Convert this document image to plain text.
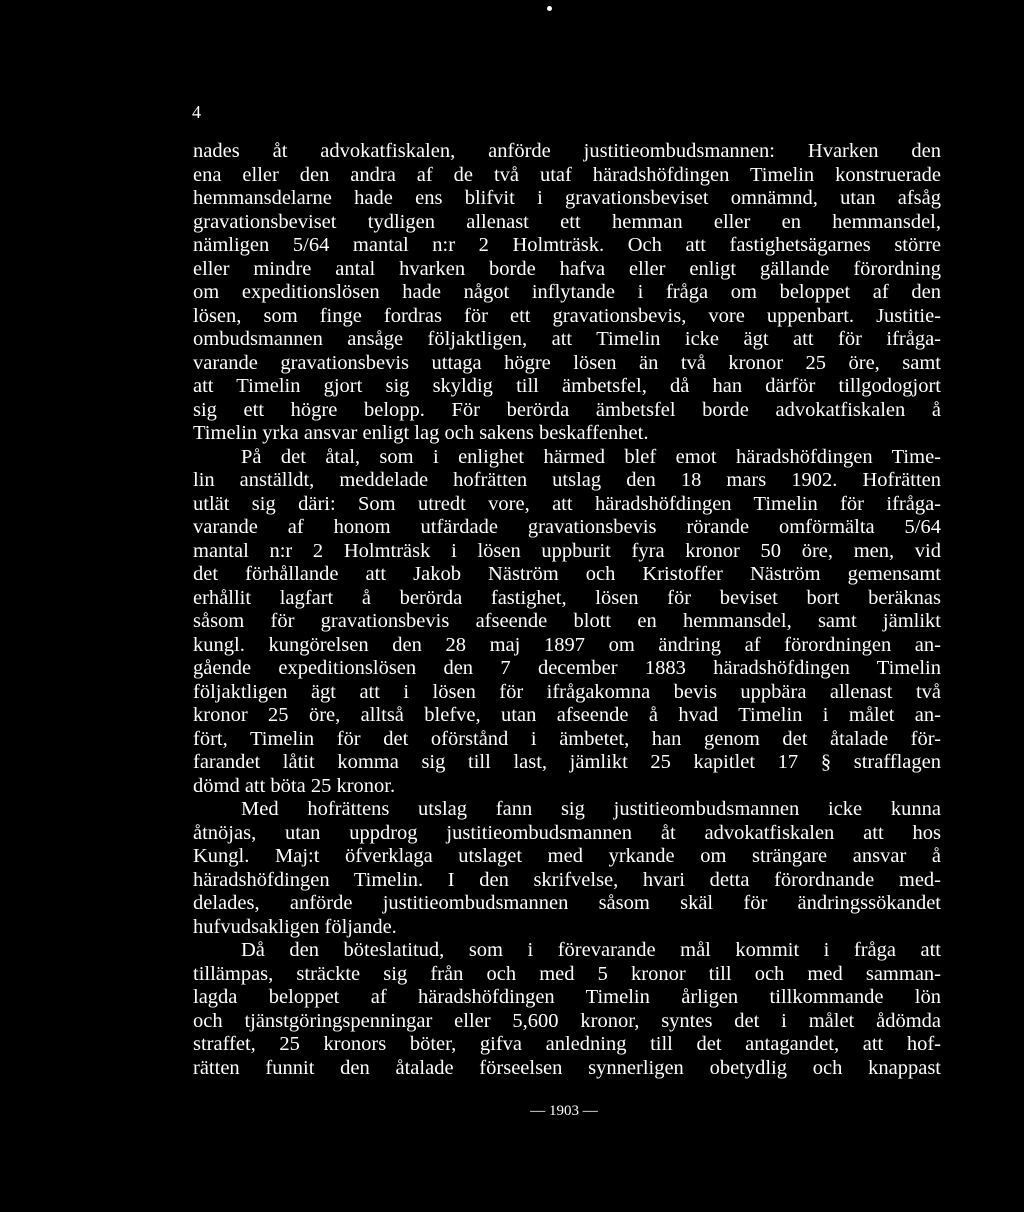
4
nades åt advokatfiskalen, anförde justitieombudsmannen: Hvarken den
ena eller den andra af de två utaf häradshöfdingen Timelin konstruerade
hemmansdelarne hade ens blifvit i gravationsbeviset omnämnd, utan afsåg
gravationsbeviset tydligen allenast ett hemman eller en hemmansdel,
nämligen 5/64 mantal n:r 2 Holmträsk. Och att fastighetsägarnes större
eller mindre antal hvarken borde hafva eller enligt gällande förordning
om expeditionslösen hade något inflytande i fråga om beloppet af den
lösen, som finge fordras för ett gravationsbevis, vore uppenbart. Justitie-
ombudsmannen ansåge följaktligen, att Timelin icke ägt att för ifråga-
varande gravationsbevis uttaga högre lösen än två kronor 25 öre, samt
att Timelin gjort sig skyldig till ämbetsfel, då han därför tillgodogjort
sig ett högre belopp. För berörda ämbetsfel borde advokatfiskalen å
Timelin yrka ansvar enligt lag och sakens beskaffenhet.
På det åtal, som i enlighet härmed blef emot häradshöfdingen Time-
lin anställdt, meddelade hofrätten utslag den 18 mars 1902. Hofrätten
utlät sig däri: Som utredt vore, att häradshöfdingen Timelin för ifråga-
varande af honom utfärdade gravationsbevis rörande omförmälta 5/64
mantal n:r 2 Holmträsk i lösen uppburit fyra kronor 50 öre, men, vid
det förhållande att Jakob Näström och Kristoffer Näström gemensamt
erhållit lagfart å berörda fastighet, lösen för beviset bort beräknas
såsom för gravationsbevis afseende blott en hemmansdel, samt jämlikt
kungl. kungörelsen den 28 maj 1897 om ändring af förordningen an-
gående expeditionslösen den 7 december 1883 häradshöfdingen Timelin
följaktligen ägt att i lösen för ifrågakomna bevis uppbära allenast två
kronor 25 öre, alltså blefve, utan afseende å hvad Timelin i målet an-
fört, Timelin för det oförstånd i ämbetet, han genom det åtalade för-
farandet låtit komma sig till last, jämlikt 25 kapitlet 17 § strafflagen
dömd att böta 25 kronor.
Med hofrättens utslag fann sig justitieombudsmannen icke kunna
åtnöjas, utan uppdrog justitieombudsmannen åt advokatfiskalen att hos
Kungl. Maj:t öfverklaga utslaget med yrkande om strängare ansvar å
häradshöfdingen Timelin. I den skrifvelse, hvari detta förordnande med-
delades, anförde justitieombudsmannen såsom skäl för ändringssökandet
hufvudsakligen följande.
Då den böteslatitud, som i förevarande mål kommit i fråga att
tillämpas, sträckte sig från och med 5 kronor till och med samman-
lagda beloppet af häradshöfdingen Timelin årligen tillkommande lön
och tjänstgöringspenningar eller 5,600 kronor, syntes det i målet ådömda
straffet, 25 kronors böter, gifva anledning till det antagandet, att hof-
rätten funnit den åtalade förseelsen synnerligen obetydlig och knappast
— 1903 —
